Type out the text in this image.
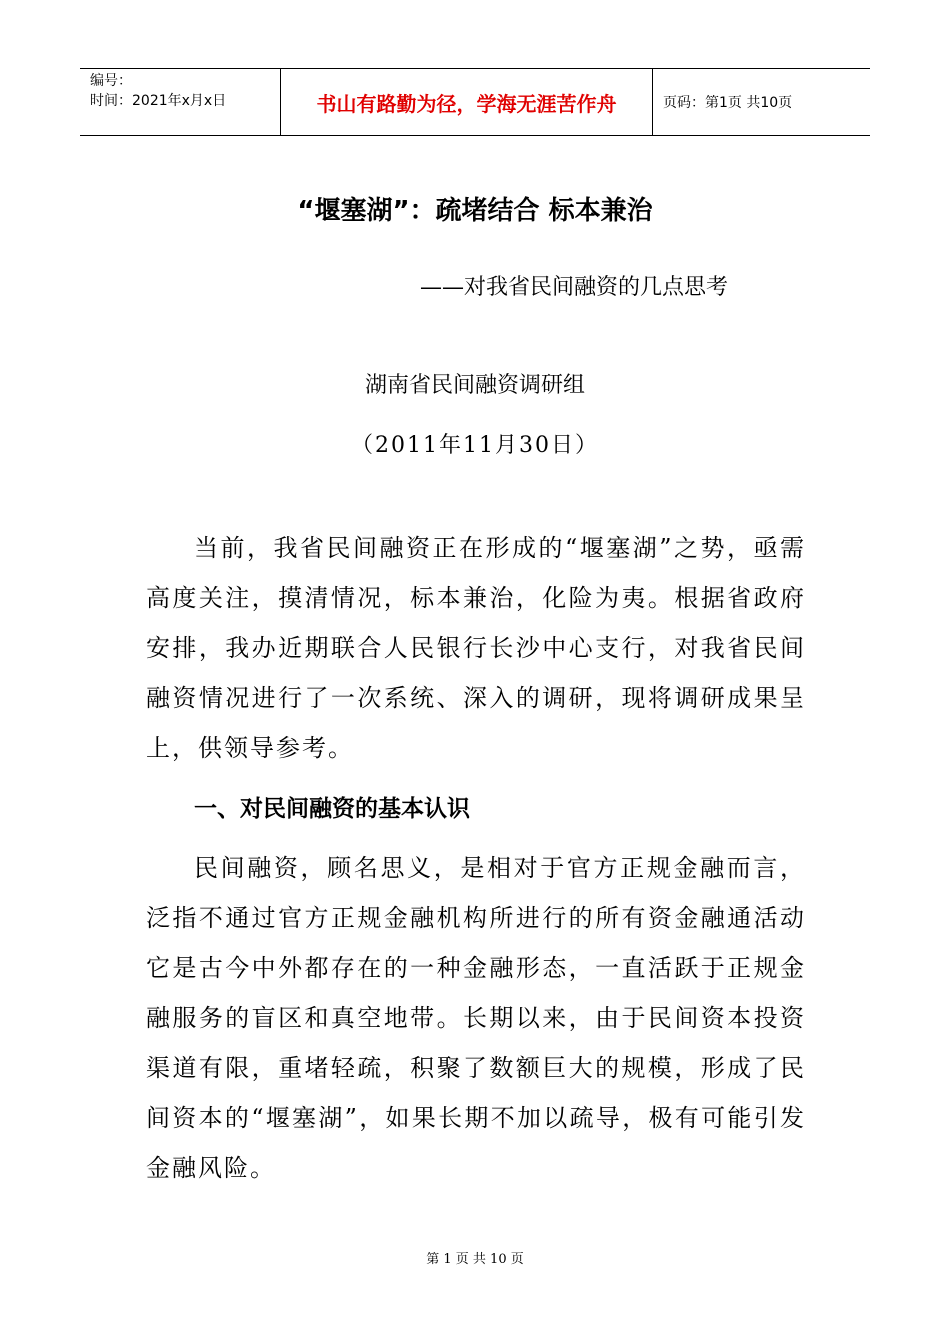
编号：
时间：2021年x月x日	书山有路勤为径，学海无涯苦作舟	页码：第1页 共10页
“堰塞湖”：疏堵结合 标本兼治
——对我省民间融资的几点思考
湖南省民间融资调研组
（2011年11月30日）

当前，我省民间融资正在形成的“堰塞湖”之势，亟需高度关注，摸清情况，标本兼治，化险为夷。根据省政府安排，我办近期联合人民银行长沙中心支行，对我省民间融资情况进行了一次系统、深入的调研，现将调研成果呈上，供领导参考。

一、对民间融资的基本认识

民间融资，顾名思义，是相对于官方正规金融而言，泛指不通过官方正规金融机构所进行的所有资金融通活动它是古今中外都存在的一种金融形态，一直活跃于正规金融服务的盲区和真空地带。长期以来，由于民间资本投资渠道有限，重堵轻疏，积聚了数额巨大的规模，形成了民间资本的“堰塞湖”，如果长期不加以疏导，极有可能引发金融风险。

第 1 页 共 10 页
